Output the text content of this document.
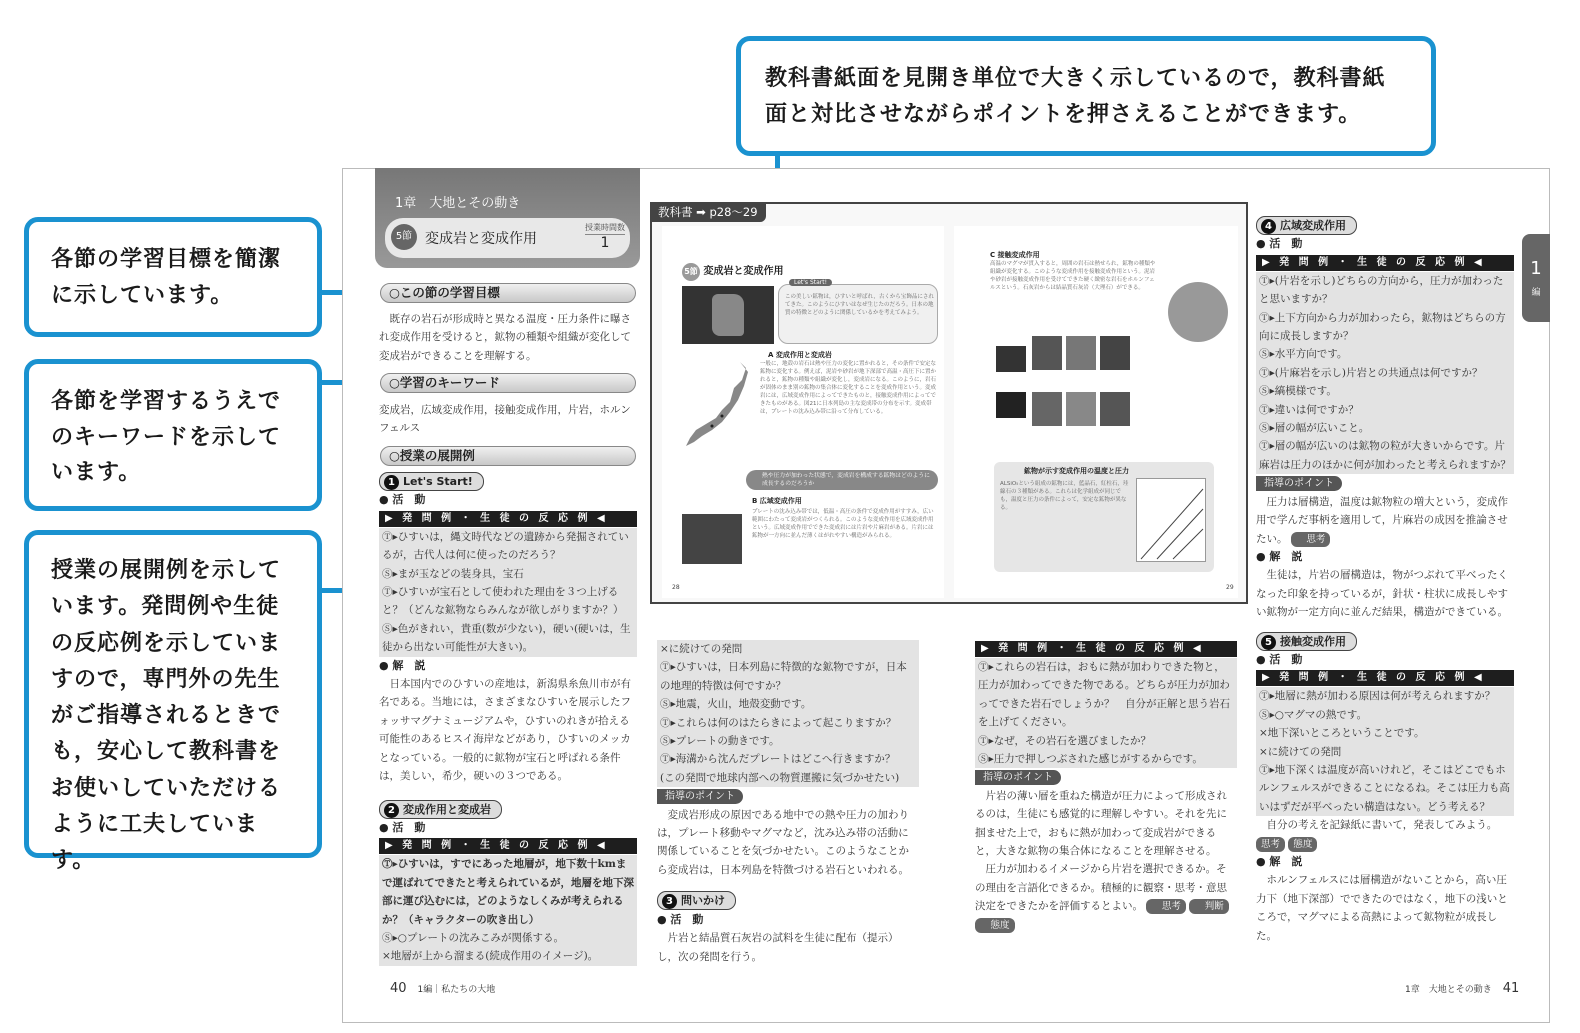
教科書紙面を見開き単位で大きく示しているので，教科書紙面と対比させながらポイントを押さえることができます。
各節の学習目標を簡潔に示しています。
各節を学習するうえでのキーワードを示しています。
授業の展開例を示しています。発問例や生徒の反応例を示していますので，専門外の先生がご指導されるときでも，安心して教科書をお使いしていただけるように工夫しています。
1章　大地とその動き
5節 変成岩と変成作用
授業時間数
1
○この節の学習目標
既存の岩石が形成時と異なる温度・圧力条件に曝され変成作用を受けると，鉱物の種類や組織が変化して変成岩ができることを理解する。
○学習のキーワード
変成岩，広域変成作用，接触変成作用，片岩，ホルンフェルス
○授業の展開例
1 Let's Start!
● 活　動
▶ 発 問 例 ・ 生 徒 の 反 応 例 ◀
Ⓣ▸ひすいは，縄文時代などの遺跡から発掘されているが，古代人は何に使ったのだろう？
Ⓢ▸まが玉などの装身具，宝石
Ⓣ▸ひすいが宝石として使われた理由を３つ上げると？（どんな鉱物ならみんなが欲しがりますか？）
Ⓢ▸色がきれい，貴重(数が少ない)，硬い(硬いは，生徒から出ない可能性が大きい)。
● 解　説
日本国内でのひすいの産地は，新潟県糸魚川市が有名である。当地には，さまざまなひすいを展示したフォッサマグナミュージアムや，ひすいのれきが拾える可能性のあるヒスイ海岸などがあり，ひすいのメッカとなっている。一般的に鉱物が宝石と呼ばれる条件は，美しい，希少，硬いの３つである。
2 変成作用と変成岩
● 活　動
▶ 発 問 例 ・ 生 徒 の 反 応 例 ◀
Ⓣ▸ひすいは，すでにあった地層が，地下数十kmまで運ばれてできたと考えられているが，地層を地下深部に運び込むには，どのようなしくみが考えられるか？（キャラクターの吹き出し）
Ⓢ▸○プレートの沈みこみが関係する。
×地層が上から溜まる(続成作用のイメージ)。
40　 1編｜私たちの大地
5節 変成岩と変成作用
Let's Start!
この美しい鉱物は，ひすいと呼ばれ，古くから宝飾品にされてきた。このようにひすいはなぜ生じたのだろう。日本の地質の特徴とどのように関係しているかを考えてみよう。
A 変成作用と変成岩
一般に，地殻の岩石は熱や圧力の変化に置かれると，その条件で安定な鉱物に変化する。例えば，泥岩や砂岩が地下深部で高温・高圧下に置かれると，鉱物の種類や組織が変化し，変成岩になる。このように，岩石が固体のまま別の鉱物の集合体に変化することを変成作用という。変成岩には，広域変成作用によってできたものと，接触変成作用によってできたものがある。図21に日本列島の主な変成帯の分布を示す。変成帯は，プレートの沈み込み帯に沿って分布している。
熱や圧力が加わった状態で，変成岩を構成する鉱物はどのように成長するのだろうか
B 広域変成作用
プレートの沈み込み帯では，低温・高圧の条件で変成作用がすすみ，広い範囲にわたって変成岩がつくられる。このような変成作用を広域変成作用という。広域変成作用でできた変成岩には片岩や片麻岩がある。片岩には鉱物が一方向に並んだ薄くはがれやすい構造がみられる。
28
C 接触変成作用
高温のマグマが貫入すると，周囲の岩石は熱せられ，鉱物の種類や組織が変化する。このような変成作用を接触変成作用という。泥岩や砂岩が接触変成作用を受けてできた硬く緻密な岩石をホルンフェルスという。石灰岩からは結晶質石灰岩（大理石）ができる。
鉱物が示す変成作用の温度と圧力
ALSiO₅という組成の鉱物には，藍晶石，紅柱石，珪線石の３種類がある。これらは化学組成が同じでも，温度と圧力の条件によって，安定な鉱物が異なる。
29
教科書 ➡ p28～29
×に続けての発問
Ⓣ▸ひすいは，日本列島に特徴的な鉱物ですが，日本の地理的特徴は何ですか？
Ⓢ▸地震，火山，地殻変動です。
Ⓣ▸これらは何のはたらきによって起こりますか？
Ⓢ▸プレートの動きです。
Ⓣ▸海溝から沈んだプレートはどこへ行きますか？
(この発問で地球内部への物質運搬に気づかせたい)
指導のポイント
変成岩形成の原因である地中での熱や圧力の加わりは，プレート移動やマグマなど，沈み込み帯の活動に関係していることを気づかせたい。このようなことから変成岩は，日本列島を特徴づける岩石といわれる。
3 問いかけ
● 活　動
片岩と結晶質石灰岩の試料を生徒に配布（提示）し，次の発問を行う。
▶ 発 問 例 ・ 生 徒 の 反 応 例 ◀
Ⓣ▸これらの岩石は，おもに熱が加わりできた物と，圧力が加わってできた物である。どちらが圧力が加わってできた岩石でしょうか？　自分が正解と思う岩石を上げてください。
Ⓣ▸なぜ，その岩石を選びましたか？
Ⓢ▸圧力で押しつぶされた感じがするからです。
指導のポイント
片岩の薄い層を重ねた構造が圧力によって形成されるのは，生徒にも感覚的に理解しやすい。それを先に掴ませた上で，おもに熱が加わって変成岩ができると，大きな鉱物の集合体になることを理解させる。
圧力が加わるイメージから片岩を選択できるか。その理由を言語化できるか。積極的に観察・思考・意思決定をできたかを評価するとよい。 思考	判断 態度
4 広域変成作用
● 活　動
▶ 発 問 例 ・ 生 徒 の 反 応 例 ◀
Ⓣ▸(片岩を示し)どちらの方向から，圧力が加わったと思いますか？
Ⓣ▸上下方向から力が加わったら，鉱物はどちらの方向に成長しますか？
Ⓢ▸水平方向です。
Ⓣ▸(片麻岩を示し)片岩との共通点は何ですか？
Ⓢ▸縞模様です。
Ⓣ▸違いは何ですか？
Ⓢ▸層の幅が広いこと。
Ⓣ▸層の幅が広いのは鉱物の粒が大きいからです。片麻岩は圧力のほかに何が加わったと考えられますか？
指導のポイント
圧力は層構造，温度は鉱物粒の増大という，変成作用で学んだ事柄を適用して，片麻岩の成因を推論させたい。 思考
● 解　説
生徒は，片岩の層構造は，物がつぶれて平べったくなった印象を持っているが，針状・柱状に成長しやすい鉱物が一定方向に並んだ結果，構造ができている。
5 接触変成作用
● 活　動
▶ 発 問 例 ・ 生 徒 の 反 応 例 ◀
Ⓣ▸地層に熱が加わる原因は何が考えられますか？
Ⓢ▸○マグマの熱です。
×地下深いところということです。
×に続けての発問
Ⓣ▸地下深くは温度が高いけれど，そこはどこでもホルンフェルスができることになるね。そこは圧力も高いはずだが平べったい構造はない。どう考える？
自分の考えを記録紙に書いて，発表してみよう。
思考 態度
● 解　説
ホルンフェルスには層構造がないことから，高い圧力下（地下深部）でできたのではなく，地下の浅いところで，マグマによる高熱によって鉱物粒が成長した。
1章　大地とその動き　 41
1
編
